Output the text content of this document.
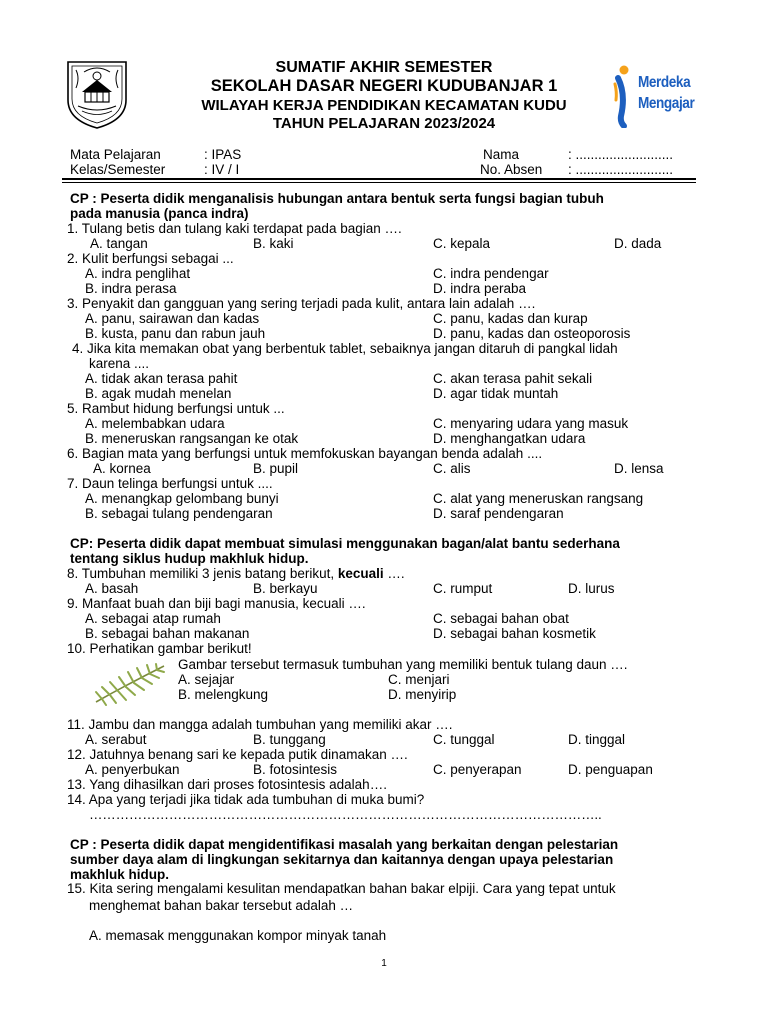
SUMATIF AKHIR SEMESTER
SEKOLAH DASAR NEGERI KUDUBANJAR 1
WILAYAH KERJA PENDIDIKAN KECAMATAN KUDU
TAHUN PELAJARAN 2023/2024
Merdeka
Mengajar
Mata Pelajaran	: IPAS
Kelas/Semester	: IV / I
Nama	: ..........................
No. Absen : ..........................
CP : Peserta didik menganalisis hubungan antara bentuk serta fungsi bagian tubuh
pada manusia (panca indra)
1. Tulang betis dan tulang kaki terdapat pada bagian ….
A. tangan	B. kaki	C. kepala	D. dada
2. Kulit berfungsi sebagai ...
A. indra penglihat	C. indra pendengar
B. indra perasa	D. indra peraba
3. Penyakit dan gangguan yang sering terjadi pada kulit, antara lain adalah ….
A. panu, sairawan dan kadas	C. panu, kadas dan kurap
B. kusta, panu dan rabun jauh	D. panu, kadas dan osteoporosis
4. Jika kita memakan obat yang berbentuk tablet, sebaiknya jangan ditaruh di pangkal lidah
karena ....
A. tidak akan terasa pahit	C. akan terasa pahit sekali
B. agak mudah menelan	D. agar tidak muntah
5. Rambut hidung berfungsi untuk ...
A. melembabkan udara	C. menyaring udara yang masuk
B. meneruskan rangsangan ke otak	D. menghangatkan udara
6. Bagian mata yang berfungsi untuk memfokuskan bayangan benda adalah ....
A. kornea	B. pupil	C. alis	D. lensa
7. Daun telinga berfungsi untuk ....
A. menangkap gelombang bunyi	C. alat yang meneruskan rangsang
B. sebagai tulang pendengaran	D. saraf pendengaran
CP: Peserta didik dapat membuat simulasi menggunakan bagan/alat bantu sederhana
tentang siklus hudup makhluk hidup.
8. Tumbuhan memiliki 3 jenis batang berikut, kecuali ….
A. basah	B. berkayu	C. rumput	D. lurus
9. Manfaat buah dan biji bagi manusia, kecuali ….
A. sebagai atap rumah	C. sebagai bahan obat
B. sebagai bahan makanan	D. sebagai bahan kosmetik
10. Perhatikan gambar berikut!
Gambar tersebut termasuk tumbuhan yang memiliki bentuk tulang daun ….
A. sejajar	C. menjari
B. melengkung	D. menyirip
11. Jambu dan mangga adalah tumbuhan yang memiliki akar ….
A. serabut	B. tunggang	C. tunggal	D. tinggal
12. Jatuhnya benang sari ke kepada putik dinamakan ….
A. penyerbukan	B. fotosintesis	C. penyerapan	D. penguapan
13. Yang dihasilkan dari proses fotosintesis adalah….
14. Apa yang terjadi jika tidak ada tumbuhan di muka bumi?
……………………………………………………………………………………………………..
CP : Peserta didik dapat mengidentifikasi masalah yang berkaitan dengan pelestarian
sumber daya alam di lingkungan sekitarnya dan kaitannya dengan upaya pelestarian
makhluk hidup.
15. Kita sering mengalami kesulitan mendapatkan bahan bakar elpiji. Cara yang tepat untuk
menghemat bahan bakar tersebut adalah …
A. memasak menggunakan kompor minyak tanah
1
